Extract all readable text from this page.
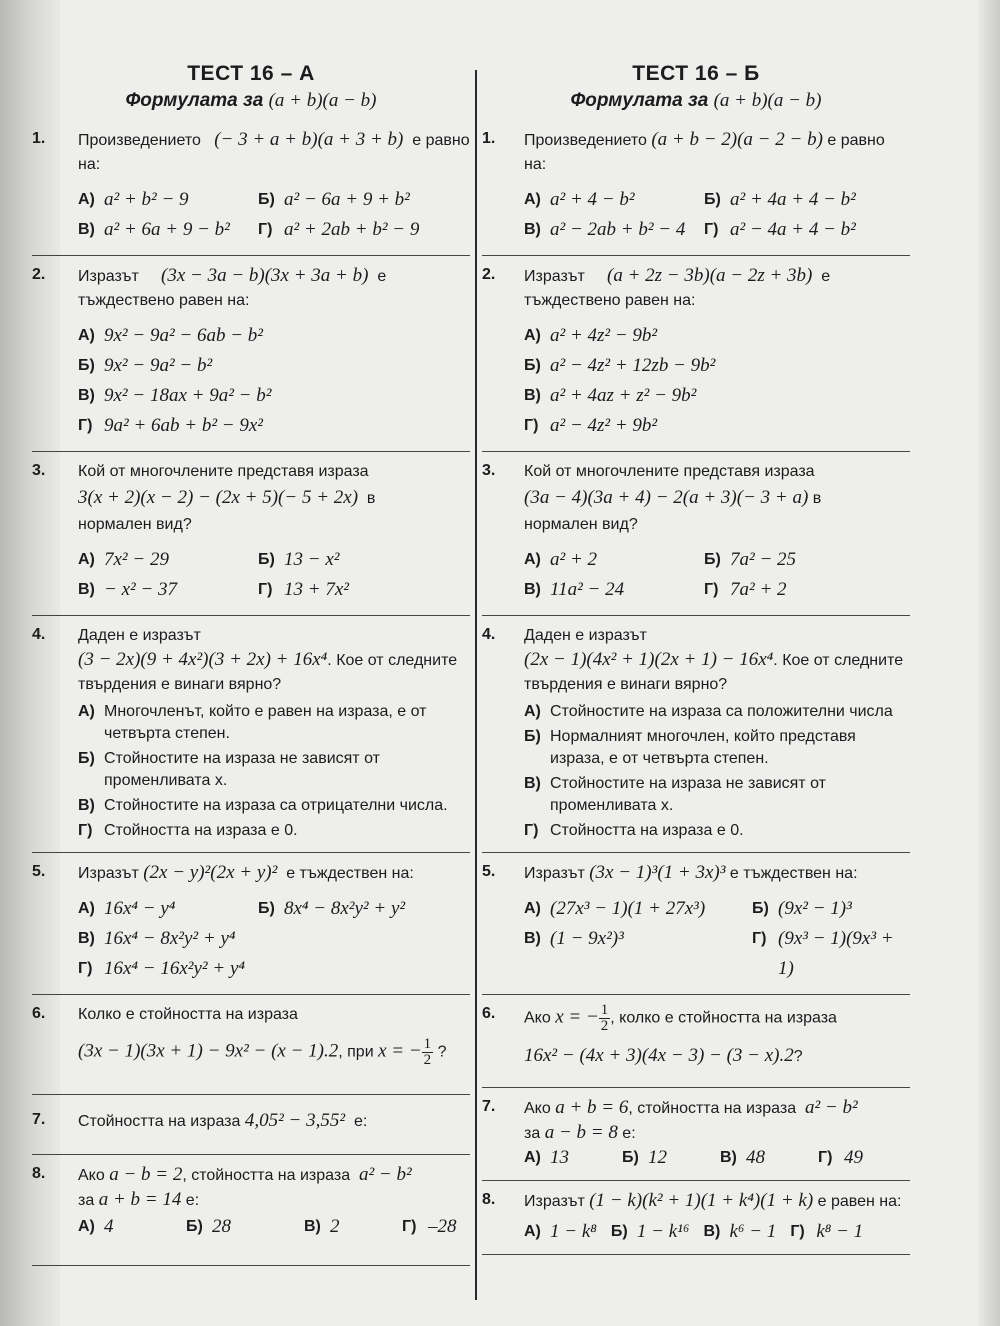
ТЕСТ 16 – А
Формулата за (a + b)(a − b)
1.	Произведението (− 3 + a + b)(a + 3 + b) е равно на:
А) a² + b² − 9	Б) a² − 6a + 9 + b²
В) a² + 6a + 9 − b² Г) a² + 2ab + b² − 9
2.	Изразът (3x − 3a − b)(3x + 3a + b) е тъждествено равен на:
А) 9x² − 9a² − 6ab − b²
Б) 9x² − 9a² − b²
В) 9x² − 18ax + 9a² − b²
Г) 9a² + 6ab + b² − 9x²
3.	Кой от многочлените представя израза
3(x + 2)(x − 2) − (2x + 5)(− 5 + 2x) в
нормален вид?
А) 7x² − 29	Б) 13 − x²
В) − x² − 37	Г) 13 + 7x²
4.	Даден е изразът
(3 − 2x)(9 + 4x²)(3 + 2x) + 16x⁴. Кое от следните твърдения е винаги вярно?
А) Многочленът, който е равен на израза, е от четвърта степен.
Б) Стойностите на израза не зависят от променливата x.
В) Стойностите на израза са отрицателни числа.
Г) Стойността на израза е 0.
5.	Изразът (2x − y)²(2x + y)² е тъждествен на:
А) 16x⁴ − y⁴	Б) 8x⁴ − 8x²y² + y²
В) 16x⁴ − 8x²y² + y⁴
Г) 16x⁴ − 16x²y² + y⁴
6.	Колко е стойността на израза
(3x − 1)(3x + 1) − 9x² − (x − 1).2, при x = − $\frac{1}{2}$ ?
7.	Стойността на израза 4,05² − 3,55² е:
8.	Ако a − b = 2, стойността на израза a² − b²
за a + b = 14 е:
А) 4	Б) 28	В) 2	Г) –28
ТЕСТ 16 – Б
Формулата за (a + b)(a − b)
1.	Произведението (a + b − 2)(a − 2 − b) е равно на:
А) a² + 4 − b²	Б) a² + 4a + 4 − b²
В) a² − 2ab + b² − 4 Г) a² − 4a + 4 − b²
2.	Изразът (a + 2z − 3b)(a − 2z + 3b) е тъждествено равен на:
А) a² + 4z² − 9b²
Б) a² − 4z² + 12zb − 9b²
В) a² + 4az + z² − 9b²
Г) a² − 4z² + 9b²
3.	Кой от многочлените представя израза
(3a − 4)(3a + 4) − 2(a + 3)(− 3 + a) в
нормален вид?
А) a² + 2	Б) 7a² − 25
В) 11a² − 24	Г) 7a² + 2
4.	Даден е изразът
(2x − 1)(4x² + 1)(2x + 1) − 16x⁴. Кое от следните твърдения е винаги вярно?
А) Стойностите на израза са положителни числа
Б) Нормалният многочлен, който представя израза, е от четвърта степен.
В) Стойностите на израза не зависят от променливата x.
Г) Стойността на израза е 0.
5.	Изразът (3x − 1)³(1 + 3x)³ е тъждествен на:
А) (27x³ − 1)(1 + 27x³)	Б) (9x² − 1)³
В) (1 − 9x²)³	Г) (9x³ − 1)(9x³ + 1)
6.	Ако x = − $\frac{1}{2}$ , колко е стойността на израза
16x² − (4x + 3)(4x − 3) − (3 − x).2?
7.	Ако a + b = 6, стойността на израза a² − b²
за a − b = 8 е:
А) 13	Б) 12	В) 48	Г) 49
8.	Изразът (1 − k)(k² + 1)(1 + k⁴)(1 + k) е равен на:
А) 1 − k⁸ Б) 1 − k¹⁶ В) k⁶ − 1 Г) k⁸ − 1
